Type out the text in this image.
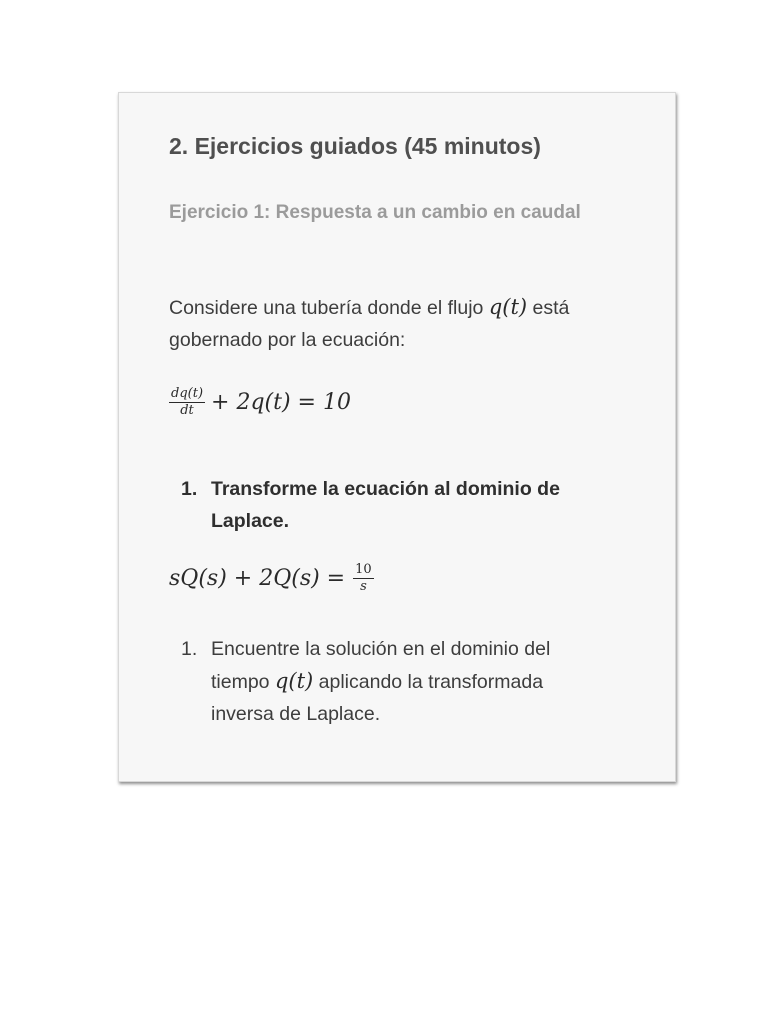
2. Ejercicios guiados (45 minutos)
Ejercicio 1: Respuesta a un cambio en caudal

Considere una tubería donde el flujo q(t) está gobernado por la ecuación:

$\frac{dq(t)}{dt} + 2q(t) = 10$
1. Transforme la ecuación al dominio de Laplace.
$sQ(s) + 2Q(s) = \frac{10}{s}$
1. Encuentre la solución en el dominio del tiempo q(t) aplicando la transformada inversa de Laplace.
